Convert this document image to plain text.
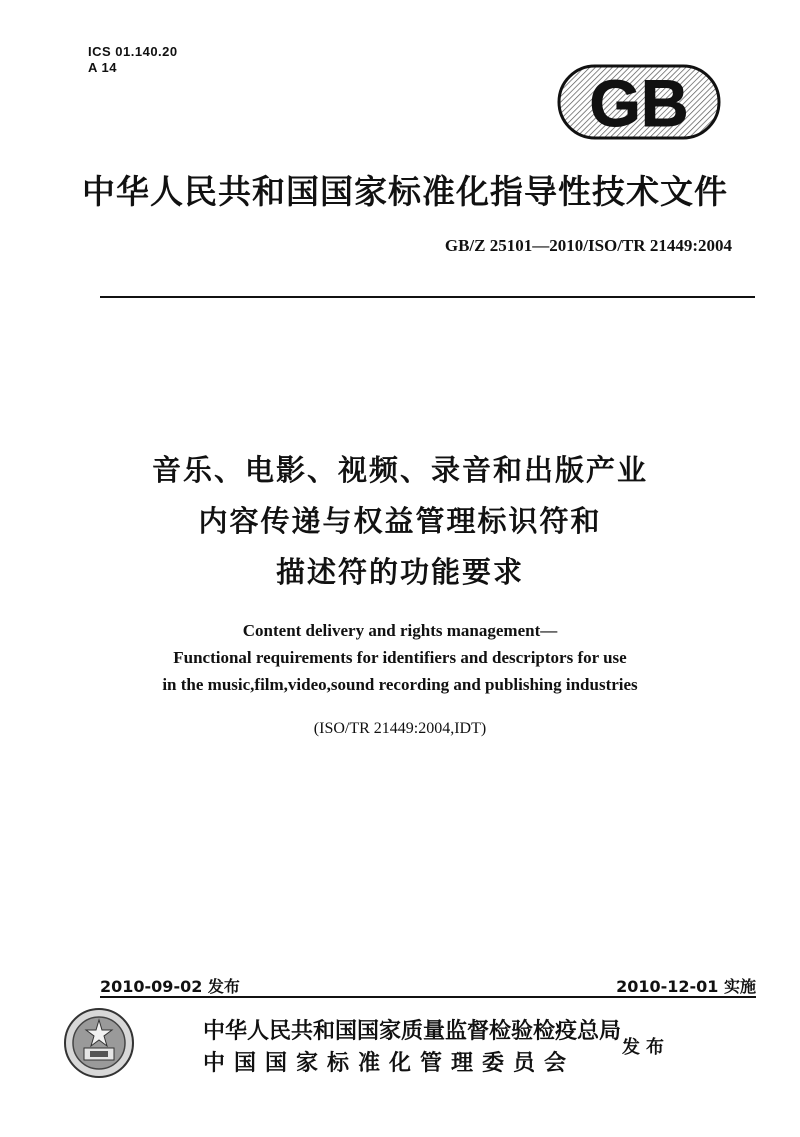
ICS 01.140.20
A 14	GB
中华人民共和国国家标准化指导性技术文件
GB/Z 25101—2010/ISO/TR 21449:2004
音乐、电影、视频、录音和出版产业
内容传递与权益管理标识符和
描述符的功能要求
Content delivery and rights management—
Functional requirements for identifiers and descriptors for use
in the music,film,video,sound recording and publishing industries
(ISO/TR 21449:2004,IDT)
2010-09-02 发布	2010-12-01 实施
中华人民共和国国家质量监督检验检疫总局
中国国家标准化管理委员会
发布
